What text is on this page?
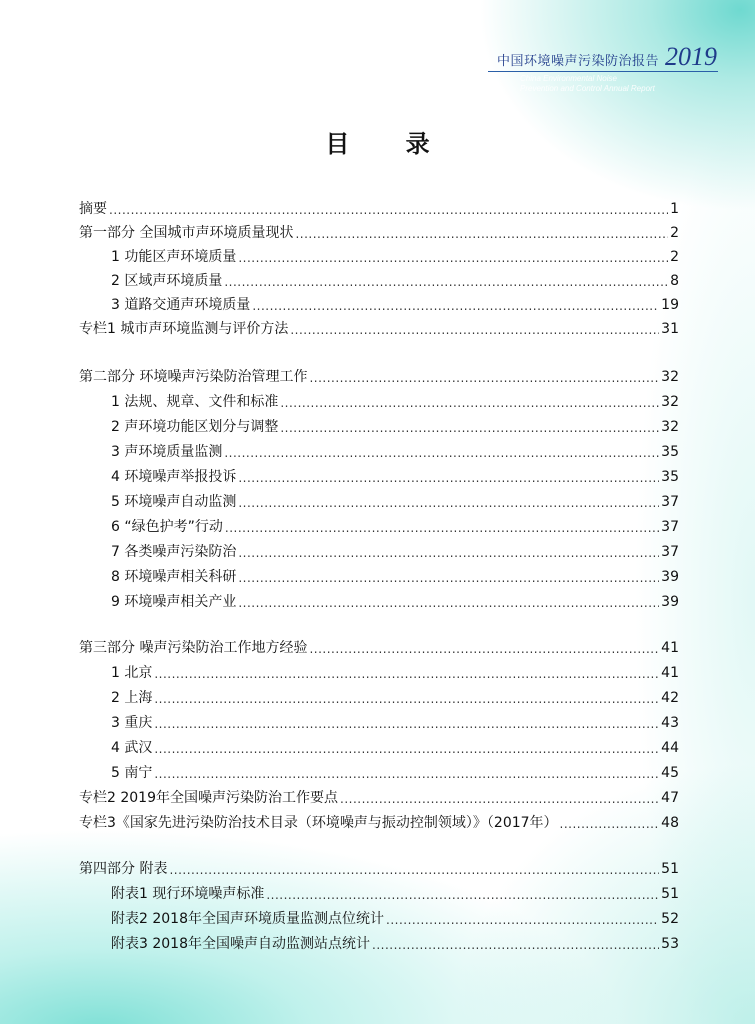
中国环境噪声污染防治报告 2019
China Environmental Noise
Prevention and Control Annual Report
目 录
摘要 .....	1
第一部分 全国城市声环境质量现状 .....	2
1 功能区声环境质量 .....	2
2 区域声环境质量 .....	8
3 道路交通声环境质量 .....	19
专栏1 城市声环境监测与评价方法 .....	31
第二部分 环境噪声污染防治管理工作 .....	32
1 法规、规章、文件和标准 .....	32
2 声环境功能区划分与调整 .....	32
3 声环境质量监测 .....	35
4 环境噪声举报投诉 .....	35
5 环境噪声自动监测 .....	37
6 “绿色护考”行动 .....	37
7 各类噪声污染防治 .....	37
8 环境噪声相关科研 .....	39
9 环境噪声相关产业 .....	39
第三部分 噪声污染防治工作地方经验 .....	41
1 北京 .....	41
2 上海 .....	42
3 重庆 .....	43
4 武汉 .....	44
5 南宁 .....	45
专栏2 2019年全国噪声污染防治工作要点 .....	47
专栏3《国家先进污染防治技术目录（环境噪声与振动控制领域）》（2017年） .....	48
第四部分 附表 .....	51
附表1 现行环境噪声标准 .....	51
附表2 2018年全国声环境质量监测点位统计 .....	52
附表3 2018年全国噪声自动监测站点统计 .....	53
